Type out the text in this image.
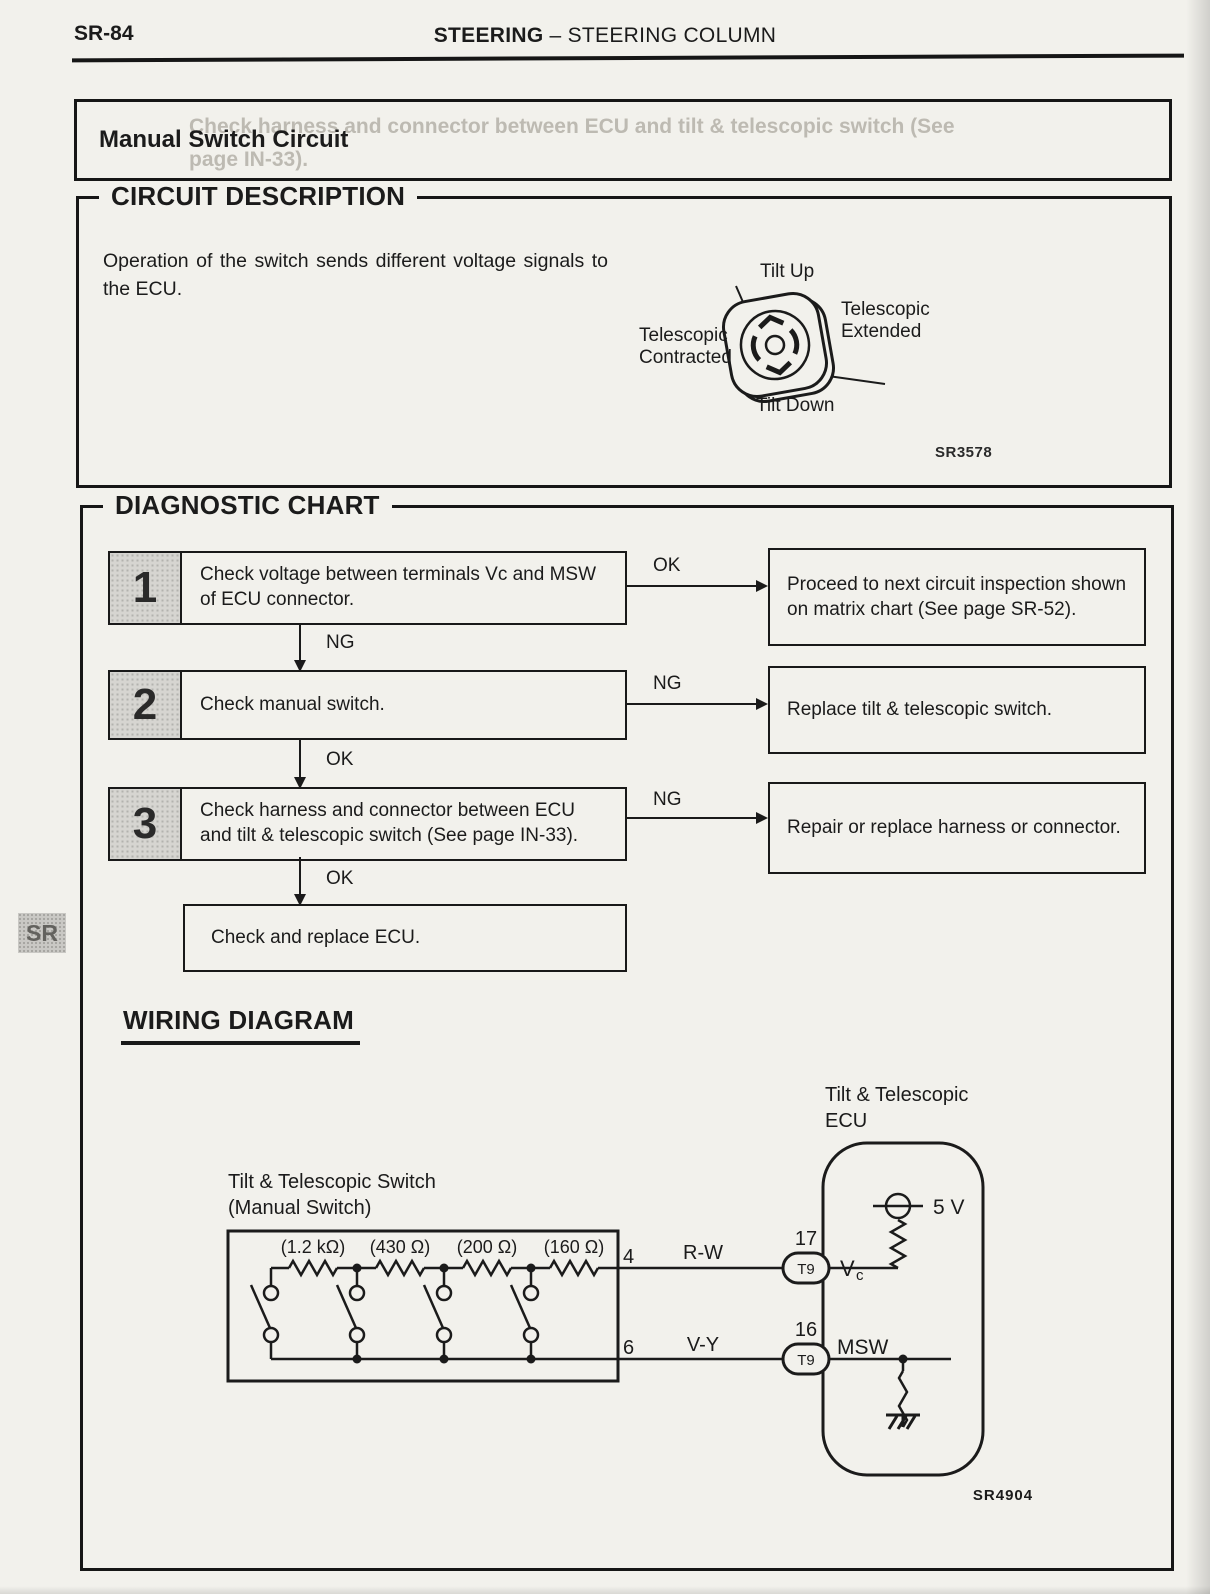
SR-84	STEERING – STEERING COLUMN
Check harness and connector between ECU and tilt & telescopic switch (See page IN-33).
Manual Switch Circuit
CIRCUIT DESCRIPTION

Operation of the switch sends different voltage signals to the ECU.

Tilt Up
Telescopic
Extended
Telescopic
Contracted
Tilt Down
SR3578
DIAGNOSTIC CHART
1	Check voltage between terminals Vc and MSW of ECU connector.
OK
Proceed to next circuit inspection shown on matrix chart (See page SR-52).
NG
2	Check manual switch.
NG
Replace tilt & telescopic switch.
OK
3	Check harness and connector between ECU and tilt & telescopic switch (See page IN-33).
NG
Repair or replace harness or connector.
OK
Check and replace ECU.
WIRING DIAGRAM
Tilt & Telescopic Switch
(Manual Switch)
Tilt & Telescopic
ECU
(1.2 kΩ) (430 Ω) (200 Ω) (160 Ω) 4
6
R-W
V-Y
17
T9 V c
5 V
16
T9
MSW
SR4904
SR
